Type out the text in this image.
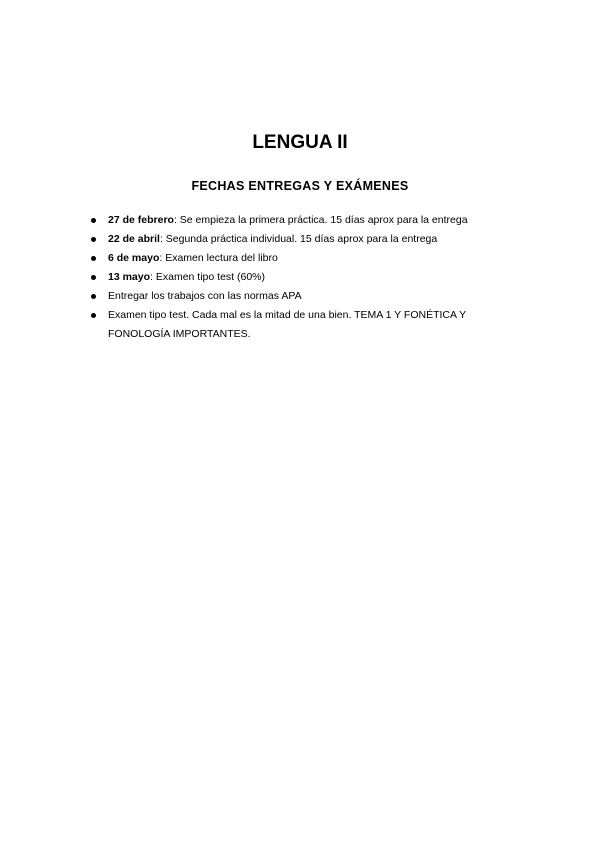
LENGUA II
FECHAS ENTREGAS Y EXÁMENES
27 de febrero: Se empieza la primera práctica. 15 días aprox para la entrega
22 de abril: Segunda práctica individual. 15 días aprox para la entrega
6 de mayo: Examen lectura del libro
13 mayo: Examen tipo test (60%)
Entregar los trabajos con las normas APA
Examen tipo test. Cada mal es la mitad de una bien. TEMA 1 Y FONÉTICA Y FONOLOGÍA IMPORTANTES.
